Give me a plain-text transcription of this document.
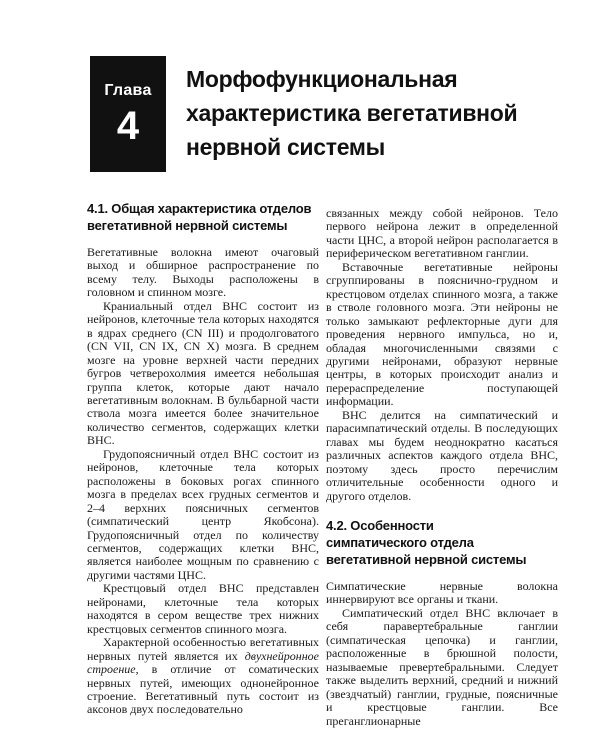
Глава
4
Морфофункциональная
характеристика вегетативной
нервной системы
4.1. Общая характеристика отделов
вегетативной нервной системы

Вегетативные волокна имеют очаговый выход и обширное распространение по всему телу. Выходы расположены в головном и спинном мозге.

Краниальный отдел ВНС состоит из нейронов, клеточные тела которых находятся в ядрах среднего (CN III) и продолговатого (CN VII, CN IX, CN X) мозга. В среднем мозге на уровне верхней части передних бугров четверохолмия имеется небольшая группа клеток, которые дают начало вегетативным волокнам. В бульбарной части ствола мозга имеется более значительное количество сегментов, содержащих клетки ВНС.

Грудопоясничный отдел ВНС состоит из нейронов, клеточные тела которых расположены в боковых рогах спинного мозга в пределах всех грудных сегментов и 2–4 верхних поясничных сегментов (симпатический центр Якобсона). Грудопоясничный отдел по количеству сегментов, содержащих клетки ВНС, является наиболее мощным по сравнению с другими частями ЦНС.

Крестцовый отдел ВНС представлен нейронами, клеточные тела которых находятся в сером веществе трех нижних крестцовых сегментов спинного мозга.

Характерной особенностью вегетативных нервных путей является их двухнейронное строение, в отличие от соматических нервных путей, имеющих однонейронное строение. Вегетативный путь состоит из аксонов двух последовательно

связанных между собой нейронов. Тело первого нейрона лежит в определенной части ЦНС, а второй нейрон располагается в периферическом вегетативном ганглии.

Вставочные вегетативные нейроны сгруппированы в пояснично-грудном и крестцовом отделах спинного мозга, а также в стволе головного мозга. Эти нейроны не только замыкают рефлекторные дуги для проведения нервного импульса, но и, обладая многочисленными связями с другими нейронами, образуют нервные центры, в которых происходит анализ и перераспределение поступающей информации.

ВНС делится на симпатический и парасимпатический отделы. В последующих главах мы будем неоднократно касаться различных аспектов каждого отдела ВНС, поэтому здесь просто перечислим отличительные особенности одного и другого отделов.

4.2. Особенности
симпатического отдела
вегетативной нервной системы

Симпатические нервные волокна иннервируют все органы и ткани.

Симпатический отдел ВНС включает в себя паравертебральные ганглии (симпатическая цепочка) и ганглии, расположенные в брюшной полости, называемые превертебральными. Следует также выделить верхний, средний и нижний (звездчатый) ганглии, грудные, поясничные и крестцовые ганглии. Все преганглионарные
